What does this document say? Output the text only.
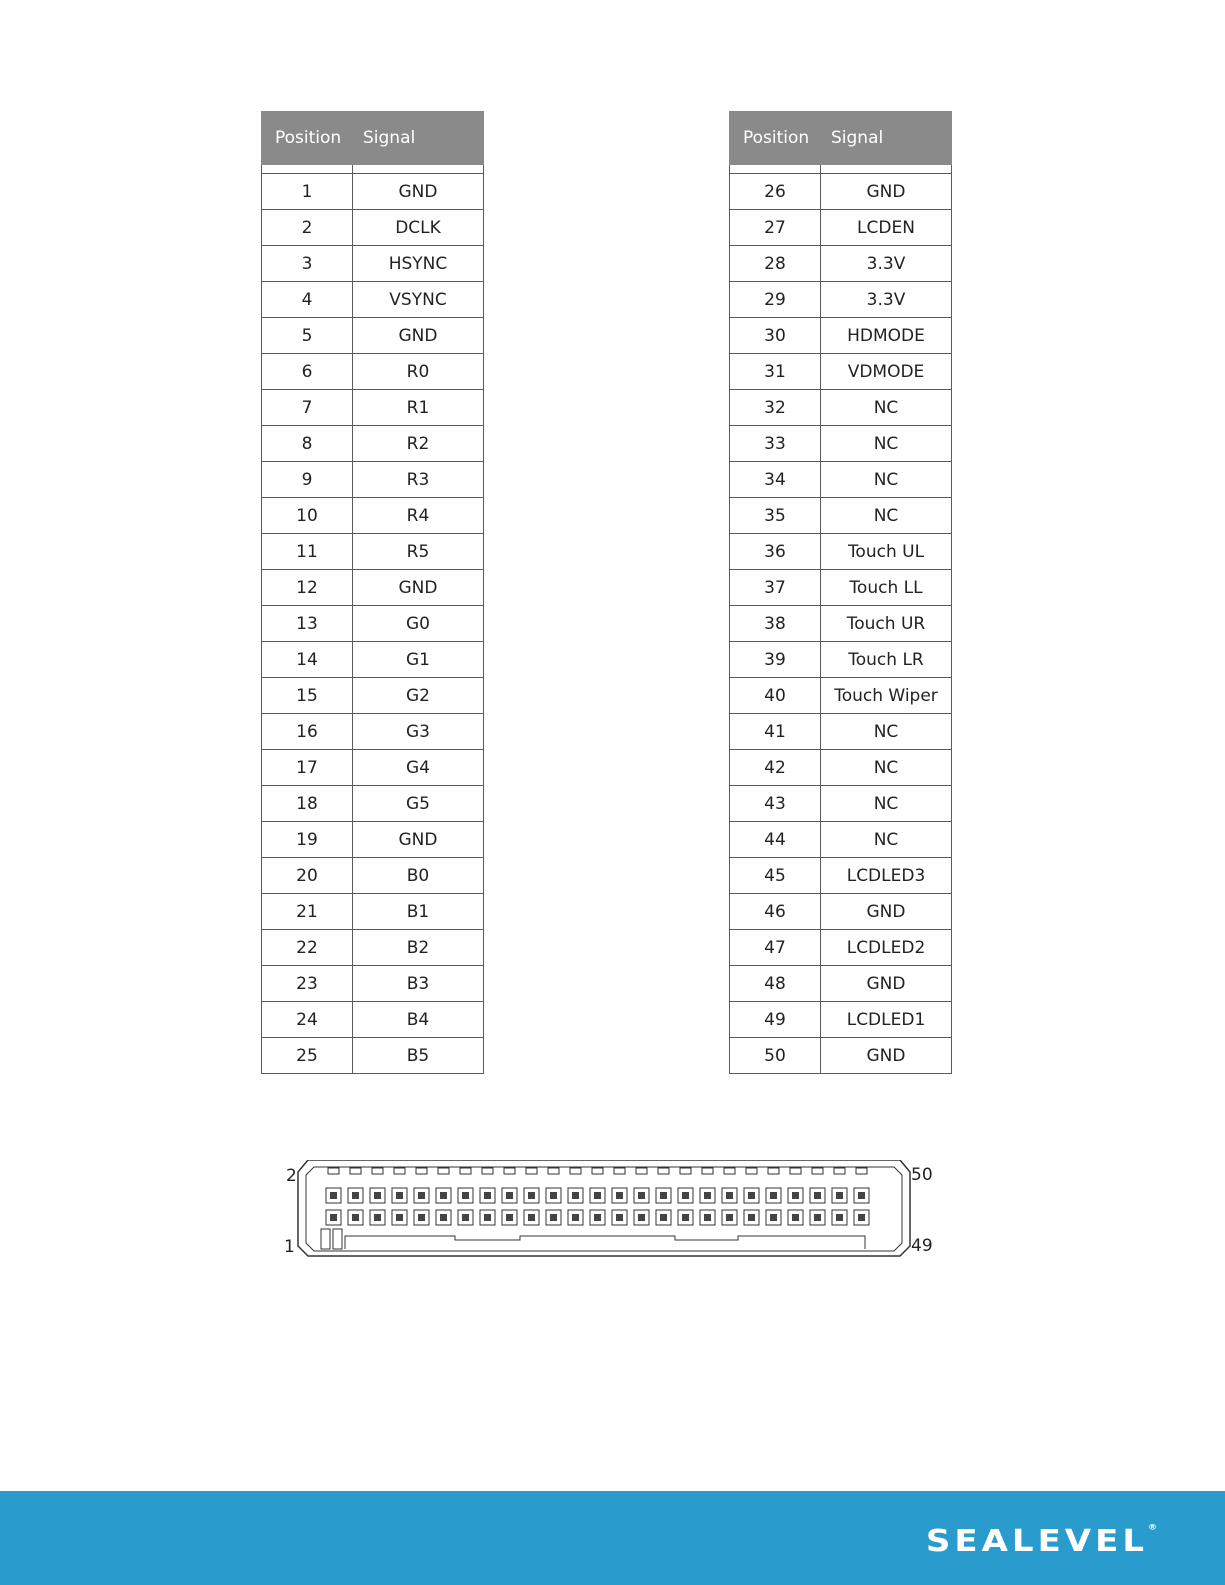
Position	Signal

1	GND
2	DCLK
3	HSYNC
4	VSYNC
5	GND
6	R0
7	R1
8	R2
9	R3
10	R4
11	R5
12	GND
13	G0
14	G1
15	G2
16	G3
17	G4
18	G5
19	GND
20	B0
21	B1
22	B2
23	B3
24	B4
25	B5
Position	Signal

26	GND
27	LCDEN
28	3.3V
29	3.3V
30	HDMODE
31	VDMODE
32	NC
33	NC
34	NC
35	NC
36	Touch UL
37	Touch LL
38	Touch UR
39	Touch LR
40	Touch Wiper
41	NC
42	NC
43	NC
44	NC
45	LCDLED3
46	GND
47	LCDLED2
48	GND
49	LCDLED1
50	GND
2
1
50
49
SEALEVEL®
